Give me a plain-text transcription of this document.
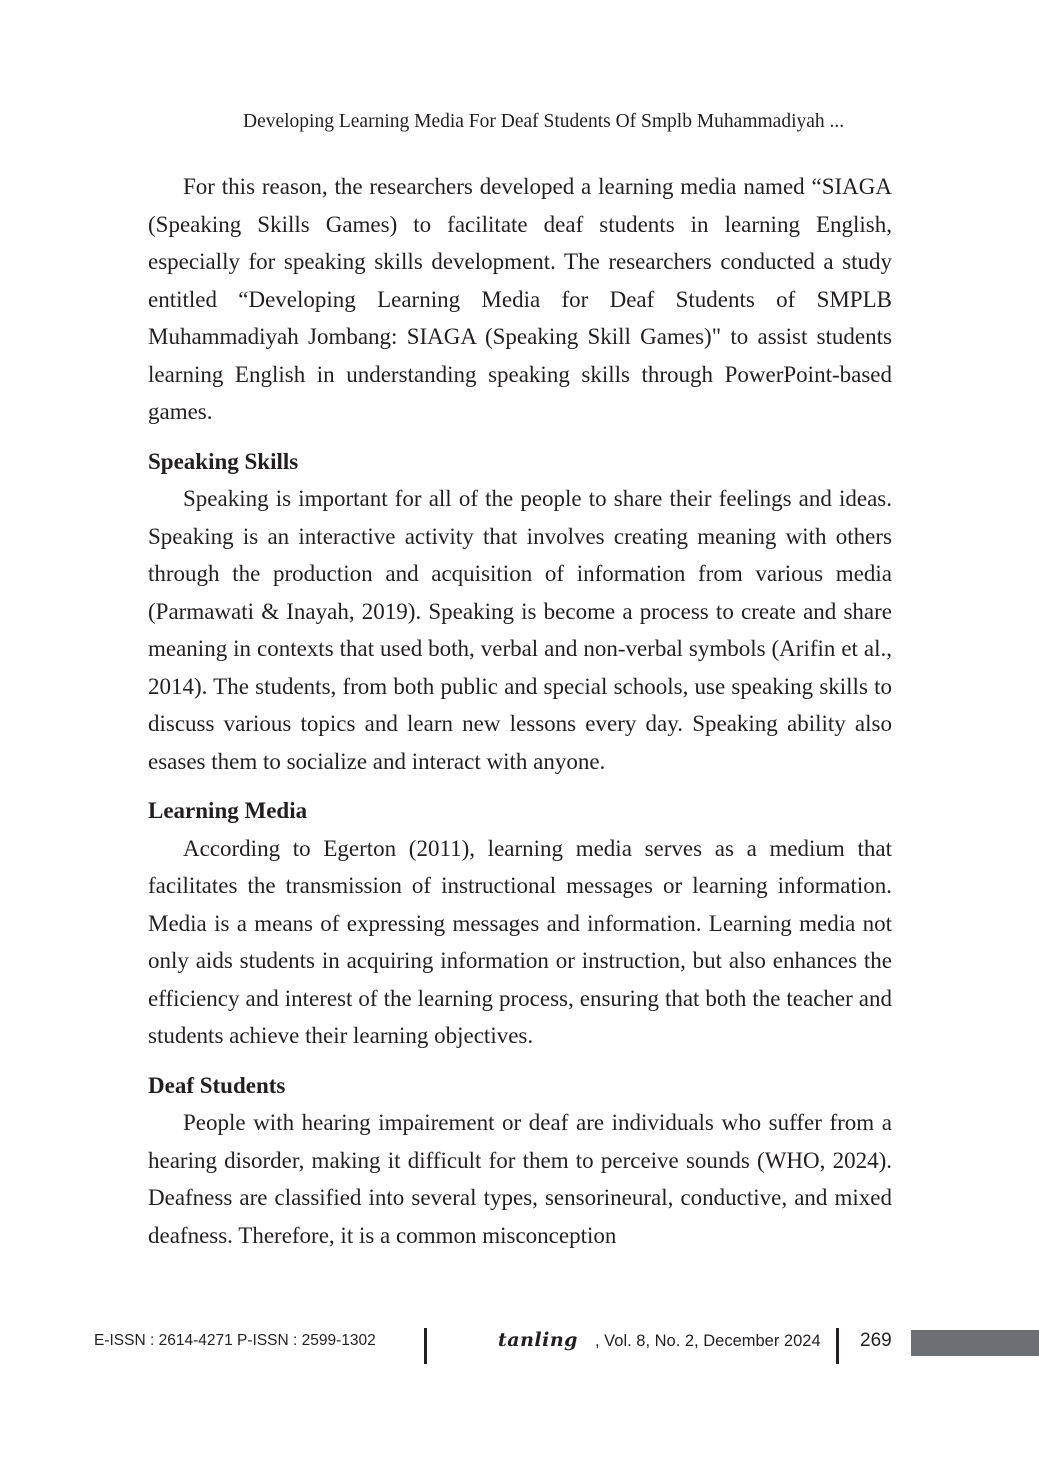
Developing Learning Media For Deaf Students Of Smplb Muhammadiyah ...

For this reason, the researchers developed a learning media named “SIAGA (Speaking Skills Games) to facilitate deaf students in learning English, especially for speaking skills development. The researchers conducted a study entitled “Developing Learning Media for Deaf Students of SMPLB Muhammadiyah Jombang: SIAGA (Speaking Skill Games)" to assist students learning English in understanding speaking skills through PowerPoint-based games.

Speaking Skills

Speaking is important for all of the people to share their feelings and ideas. Speaking is an interactive activity that involves creating meaning with others through the production and acquisition of information from various media (Parmawati & Inayah, 2019). Speaking is become a process to create and share meaning in contexts that used both, verbal and non-verbal symbols (Arifin et al., 2014). The students, from both public and special schools, use speaking skills to discuss various topics and learn new lessons every day. Speaking ability also esases them to socialize and interact with anyone.

Learning Media

According to Egerton (2011), learning media serves as a medium that facilitates the transmission of instructional messages or learning information. Media is a means of expressing messages and information. Learning media not only aids students in acquiring information or instruction, but also enhances the efficiency and interest of the learning process, ensuring that both the teacher and students achieve their learning objectives.

Deaf Students

People with hearing impairement or deaf are individuals who suffer from a hearing disorder, making it difficult for them to perceive sounds (WHO, 2024). Deafness are classified into several types, sensorineural, conductive, and mixed deafness. Therefore, it is a common misconception

E-ISSN : 2614-4271 P-ISSN : 2599-1302	tanling , Vol. 8, No. 2, December 2024 269
